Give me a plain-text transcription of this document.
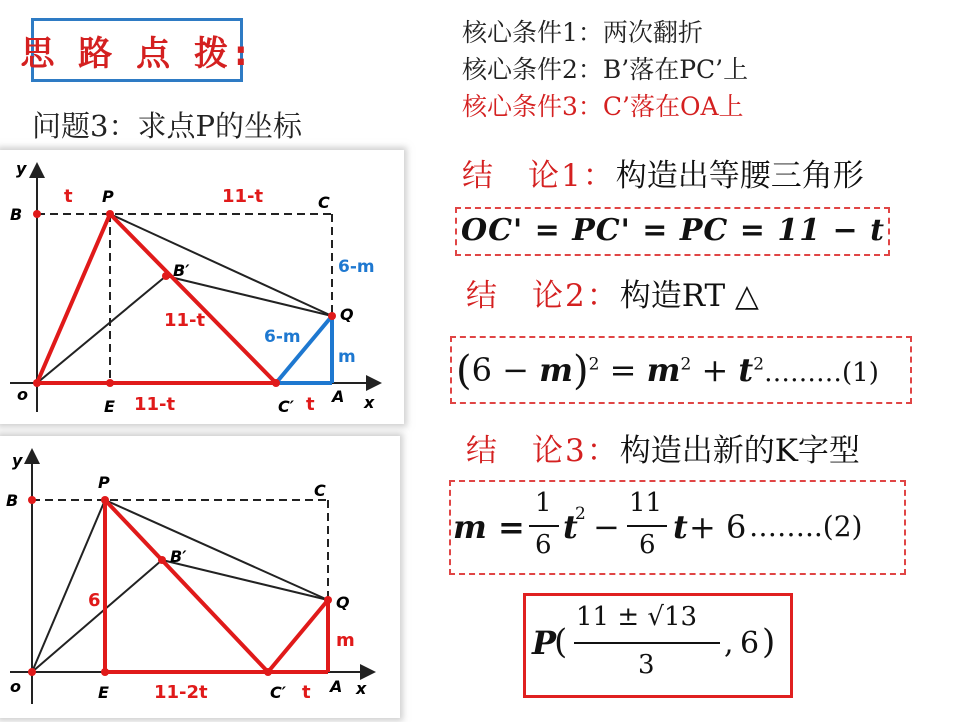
思 路 点 拨:
问题3：求点P的坐标
核心条件1：两次翻折
核心条件2：B’落在PC’上
核心条件3：C’落在OA上
结　论1：构造出等腰三角形
结　论2：构造RT △
结　论3：构造出新的K字型
OC' = PC' = PC = 11 − t
$(6 - m)^2 = m^2$ + $t^2\dots\dots\dots(1)$
m =
1
6 t
2 −
11
6 t + 6 ……..(2)
P
(
11 ± √13
3
, 6 )
y
x
o
B
P	C
B′
Q
E	C′
A
t	11-t
6-m
11-t
6-m
m
11-t	t
y
x
o
B
P	C
B′
Q
E	C′	A
6
m
11-2t	t
